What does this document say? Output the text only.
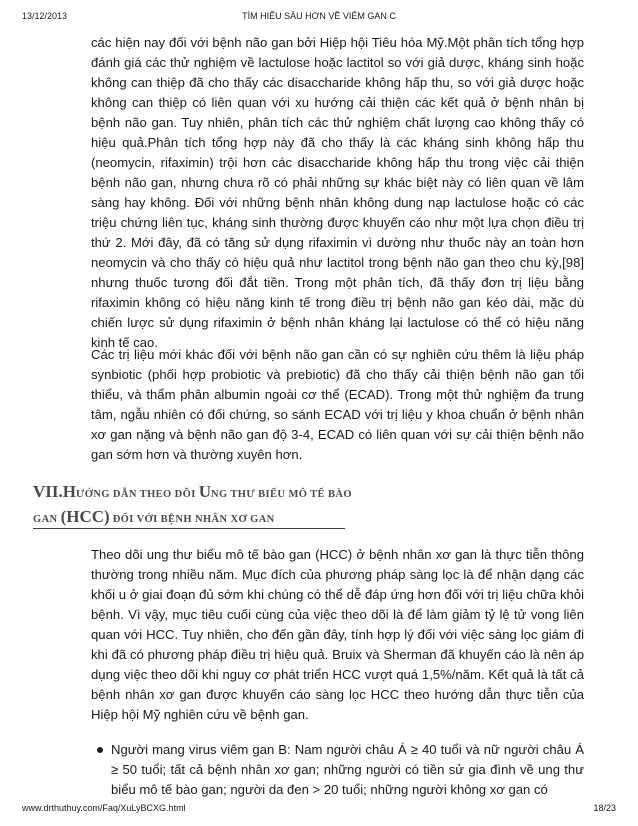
13/12/2013	TÌM HIỂU SÂU HƠN VỀ VIÊM GAN C

các hiện nay đối với bệnh não gan bởi Hiệp hội Tiêu hóa Mỹ.Một phân tích tổng hợp đánh giá các thử nghiệm về lactulose hoặc lactitol so với giả dược, kháng sinh hoặc không can thiệp đã cho thấy các disaccharide không hấp thu, so với giả dược hoặc không can thiệp có liên quan với xu hướng cải thiện các kết quả ở bệnh nhân bị bệnh não gan. Tuy nhiên, phân tích các thử nghiệm chất lượng cao không thấy có hiệu quả.Phân tích tổng hợp này đã cho thấy là các kháng sinh không hấp thu (neomycin, rifaximin) trội hơn các disaccharide không hấp thu trong việc cải thiện bệnh não gan, nhưng chưa rõ có phải những sự khác biệt này có liên quan về lâm sàng hay không. Đối với những bệnh nhân không dung nạp lactulose hoặc có các triệu chứng liên tục, kháng sinh thường được khuyến cáo như một lựa chọn điều trị thứ 2. Mới đây, đã có tăng sử dụng rifaximin vì dường như thuốc này an toàn hơn neomycin và cho thấy có hiệu quả như lactitol trong bệnh não gan theo chu kỳ,[98] nhưng thuốc tương đối đắt tiền. Trong một phân tích, đã thấy đơn trị liệu bằng rifaximin không có hiệu năng kinh tế trong điều trị bệnh não gan kéo dài, mặc dù chiến lược sử dụng rifaximin ở bệnh nhân kháng lại lactulose có thể có hiệu năng kinh tế cao.

Các trị liệu mới khác đối với bệnh não gan cần có sự nghiên cứu thêm là liệu pháp synbiotic (phối hợp probiotic và prebiotic) đã cho thấy cải thiện bệnh não gan tối thiểu, và thẩm phân albumin ngoài cơ thể (ECAD). Trong một thử nghiệm đa trung tâm, ngẫu nhiên có đối chứng, so sánh ECAD với trị liệu y khoa chuẩn ở bệnh nhân xơ gan nặng và bệnh não gan độ 3-4, ECAD có liên quan với sự cải thiện bệnh não gan sớm hơn và thường xuyên hơn.

VII.HƯỚNG DẪN THEO DÕI UNG THƯ BIỂU MÔ TẾ BÀO GAN (HCC) ĐỐI VỚI BỆNH NHÂN XƠ GAN

Theo dõi ung thư biểu mô tế bào gan (HCC) ở bệnh nhân xơ gan là thực tiễn thông thường trong nhiều năm. Mục đích của phương pháp sàng lọc là để nhận dạng các khối u ở giai đoạn đủ sớm khi chúng có thể dễ đáp ứng hơn đối với trị liệu chữa khỏi bệnh. Vì vậy, mục tiêu cuối cùng của việc theo dõi là để làm giảm tỷ lệ tử vong liên quan với HCC. Tuy nhiên, cho đến gần đây, tính hợp lý đối với việc sàng lọc giám đi khi đã có phương pháp điều trị hiệu quả. Bruix và Sherman đã khuyến cáo là nên áp dụng việc theo dõi khi nguy cơ phát triển HCC vượt quá 1,5%/năm. Kết quả là tất cả bệnh nhân xơ gan được khuyến cáo sàng lọc HCC theo hướng dẫn thực tiễn của Hiệp hội Mỹ nghiên cứu về bệnh gan.

Người mang virus viêm gan B: Nam người châu Á ≥ 40 tuổi và nữ người châu Á ≥ 50 tuổi; tất cả bệnh nhân xơ gan; những người có tiền sử gia đình về ung thư biểu mô tế bào gan; người da đen > 20 tuổi; những người không xơ gan có
www.drthuthuy.com/Faq/XuLyBCXG.html	18/23
